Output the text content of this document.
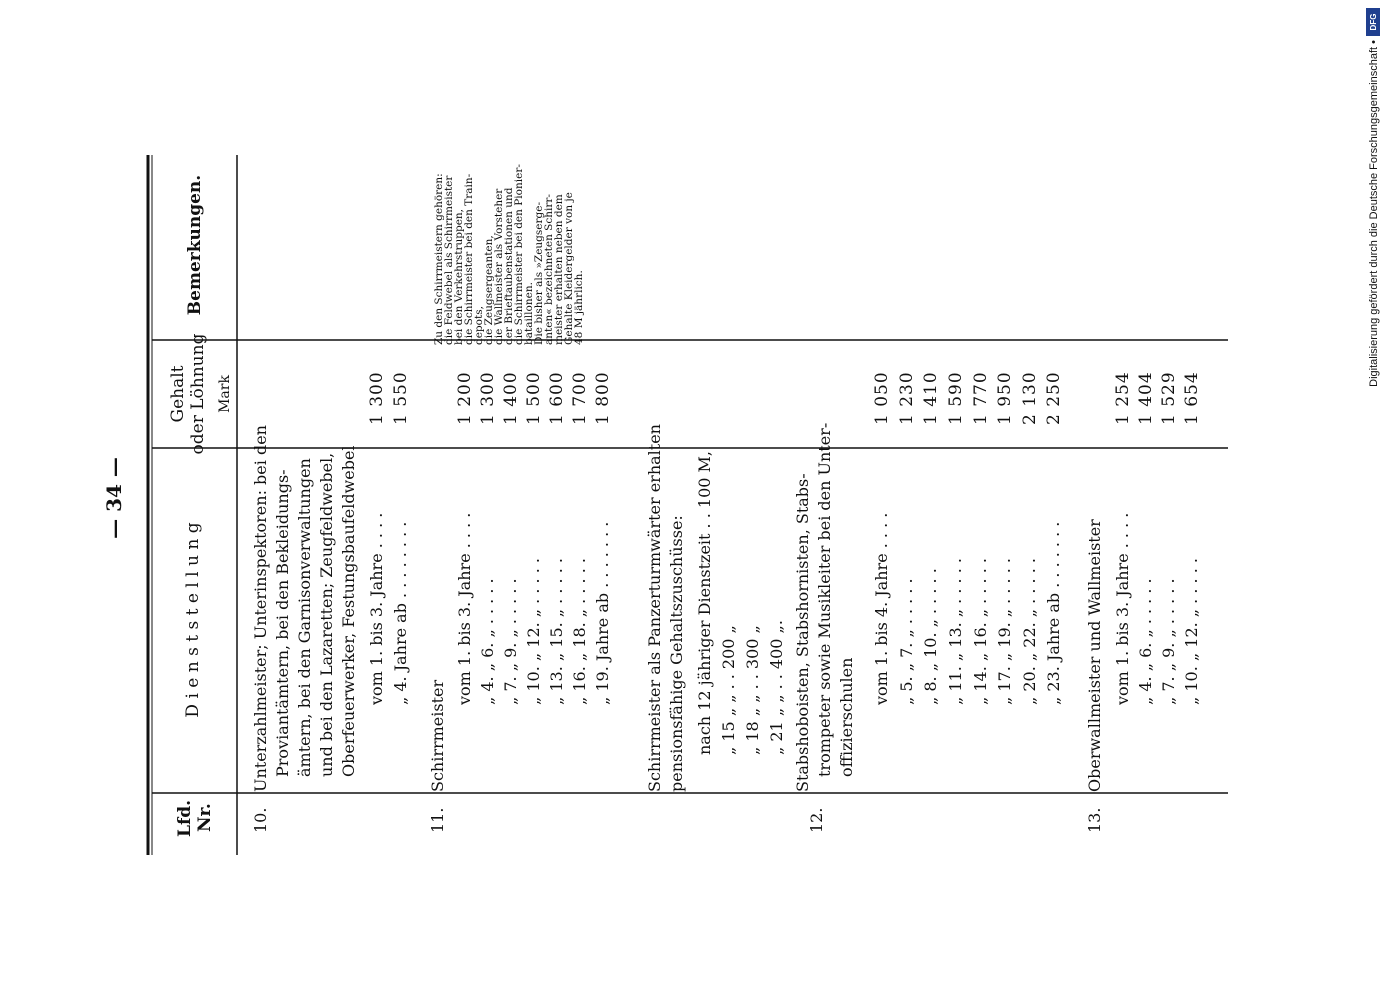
— 34 —
Lfd. Nr.
D i e n s t s t e l l u n g
Gehalt oder Löhnung Mark
Bemerkungen.
10.
Unterzahlmeister; Unterinspektoren: bei den Proviantämtern, bei den Bekleidungs- ämtern, bei den Garnisonverwaltungen und bei den Lazaretten; Zeugfeldwebel, Oberfeuerwerker, Festungsbaufeldwebel vom 1. bis 3. Jahre . . . .
1 300
„ 4. Jahre ab . . . . . . . .
1 550
11.
Schirrmeister
vom 1. bis 3. Jahre . . . .
1 200
„ 4. „ 6. „ . . . . .
1 300
„ 7. „ 9. „ . . . . .
1 400
„ 10. „ 12. „ . . . . .
1 500
„ 13. „ 15. „ . . . . .
1 600
„ 16. „ 18. „ . . . . .
1 700
„ 19. Jahre ab . . . . . . .
1 800
Schirrmeister als Panzerturmwärter erhalten pensionsfähige Gehaltszuschüsse: nach 12 jähriger Dienstzeit . . 100 M, „ 15 „ „ . . 200 „ „ 18 „ „ . . 300 „ „ 21 „ „ . . 400 „.
Zu den Schirrmeistern gehören:
die Feldwebel als Schirrmeister
bei den Verkehrstruppen,
die Schirrmeister bei den Train-
depots,
die Zeugsergeanten,
die Wallmeister als Vorsteher
der Brieftaubenstationen und
die Schirrmeister bei den Pionier-
bataillonen.
Die bisher als »Zeugserge-
anten« bezeichneten Schirr-
meister erhalten neben dem
Gehalte Kleidergelder von je
48 M jährlich.
12.
Stabshoboisten, Stabshornisten, Stabs- trompeter sowie Musikleiter bei den Unter- offizierschulen
vom 1. bis 4. Jahre . . . .
1 050
„ 5. „ 7. „ . . . . .
1 230
„ 8. „ 10. „ . . . . .
1 410
„ 11. „ 13. „ . . . . .
1 590
„ 14. „ 16. „ . . . . .
1 770
„ 17. „ 19. „ . . . . .
1 950
„ 20. „ 22. „ . . . . .
2 130
„ 23. Jahre ab . . . . . . .
2 250
13.
Oberwallmeister und Wallmeister vom 1. bis 3. Jahre . . . .
1 254
„ 4. „ 6. „ . . . . .
1 404
„ 7. „ 9. „ . . . . .
1 529
„ 10. „ 12. „ . . . . .
1 654
DFG
Digitalisierung gefördert durch die Deutsche Forschungsgemeinschaft •
